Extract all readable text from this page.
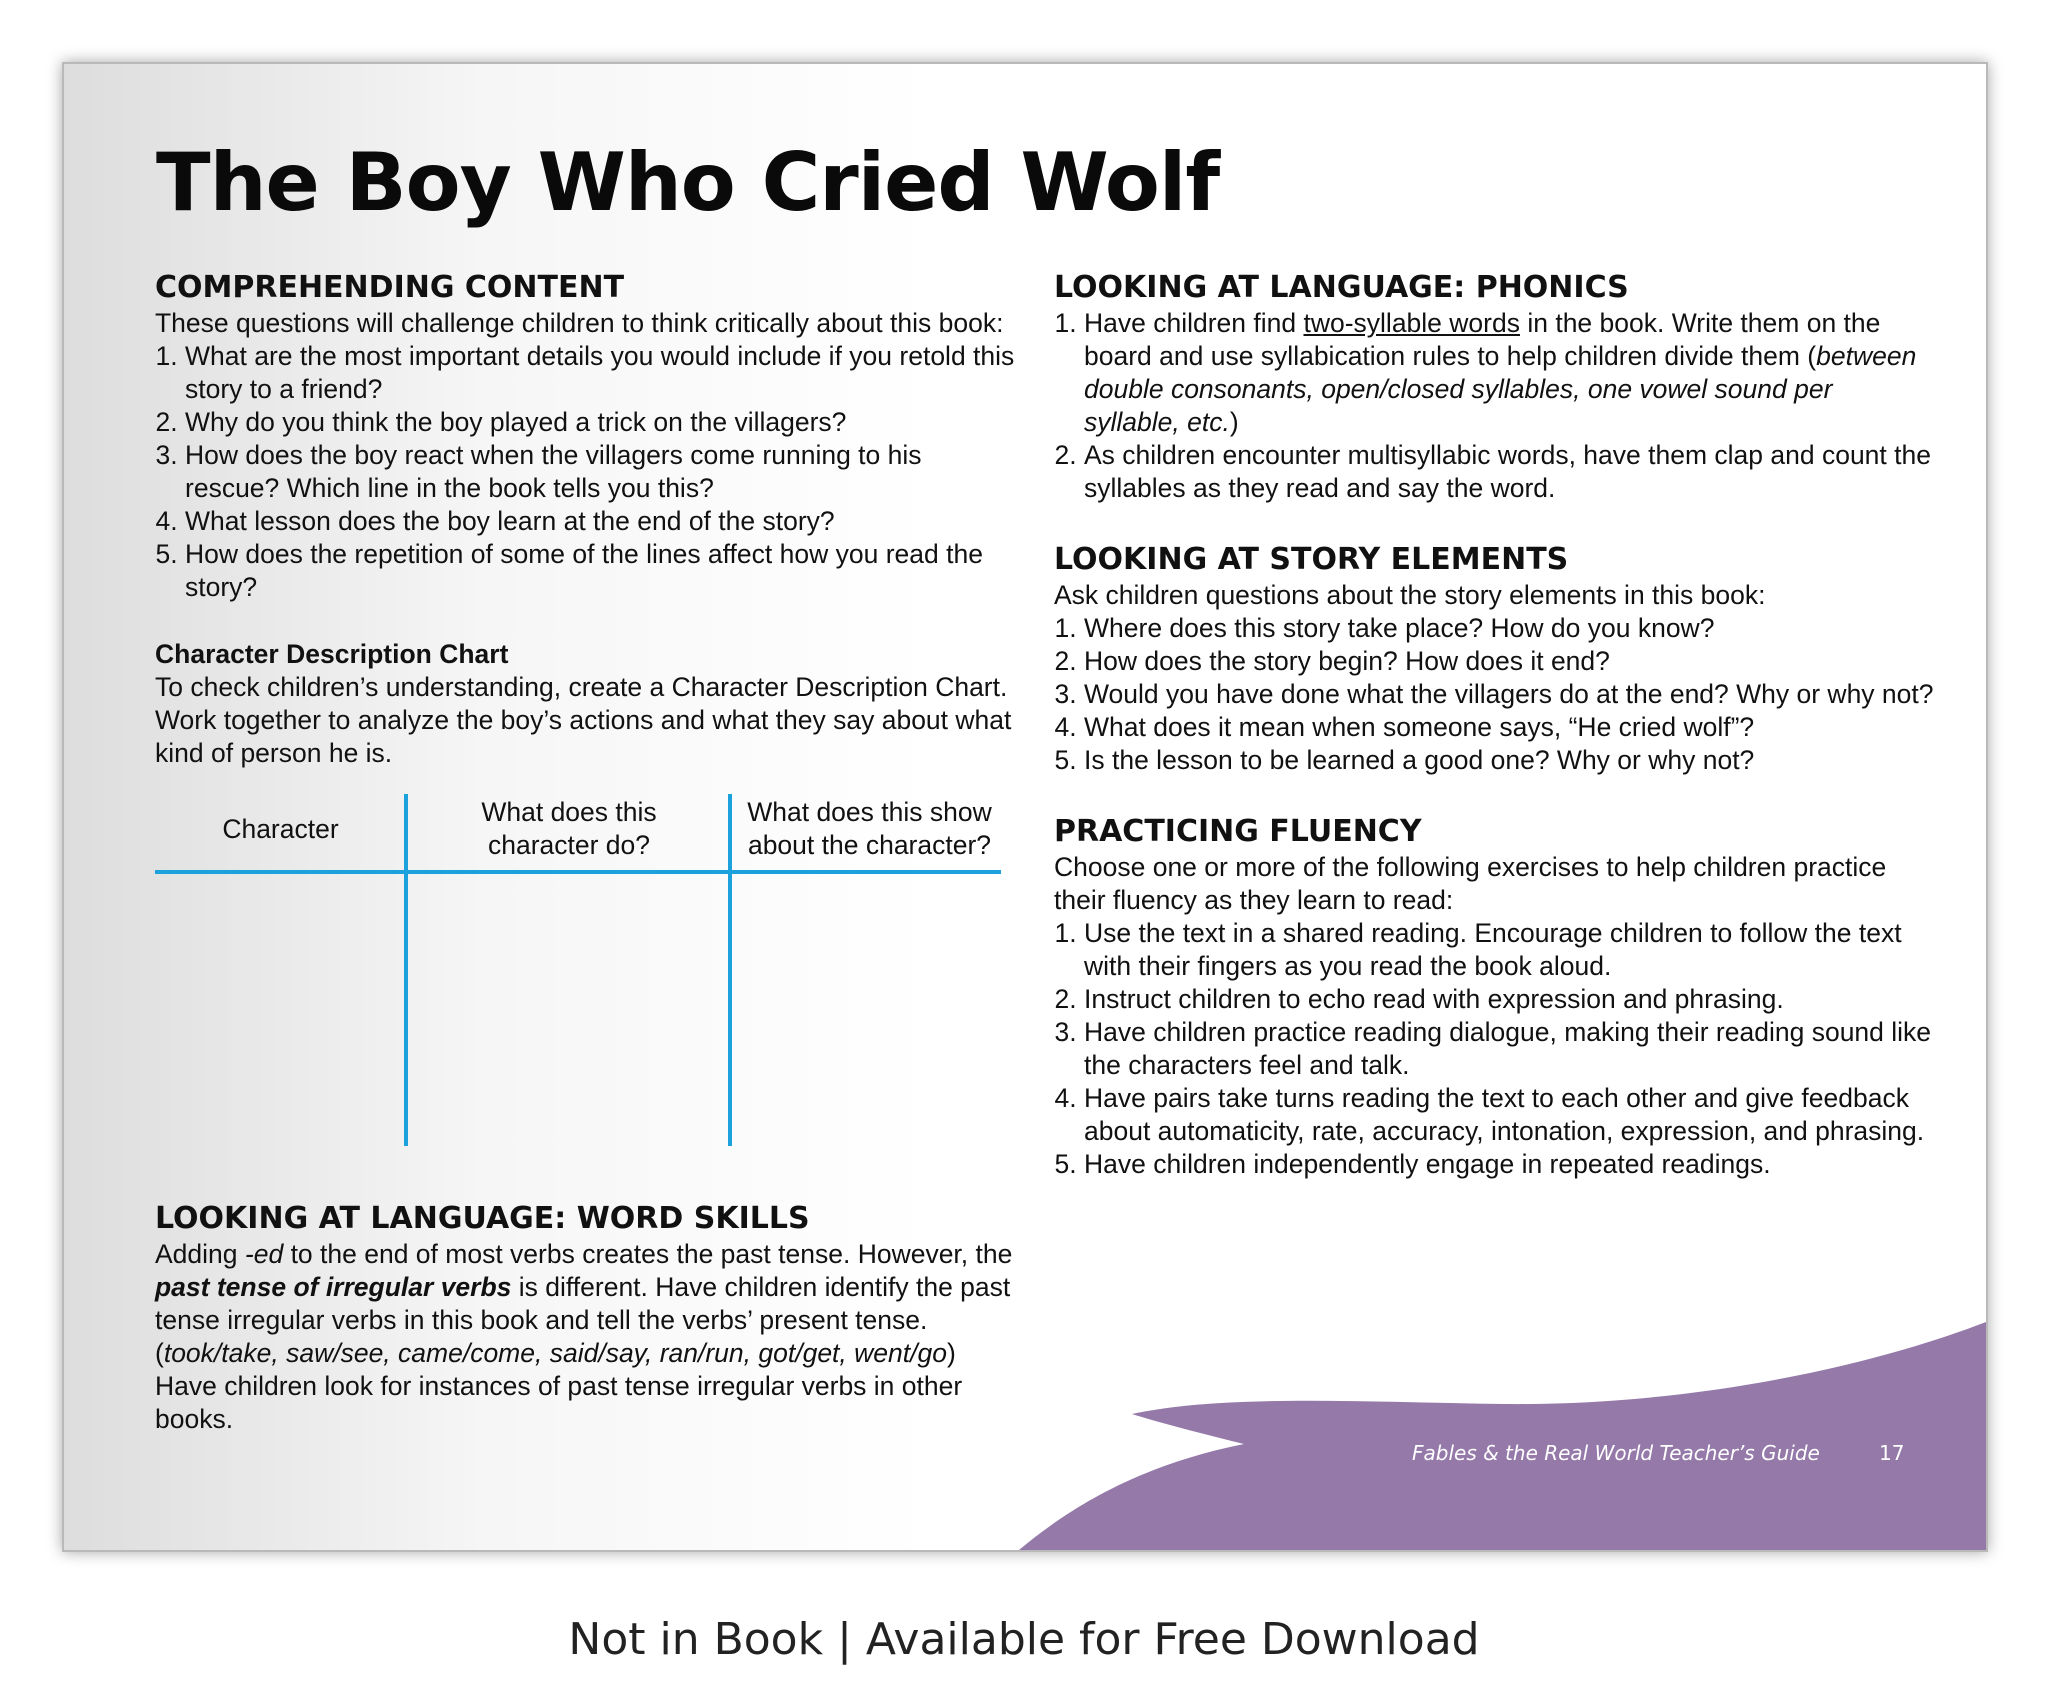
The Boy Who Cried Wolf
COMPREHENDING CONTENT

These questions will challenge children to think critically about this book:

1. What are the most important details you would include if you retold this story to a friend?
2. Why do you think the boy played a trick on the villagers?
3. How does the boy react when the villagers come running to his rescue? Which line in the book tells you this?
4. What lesson does the boy learn at the end of the story?
5. How does the repetition of some of the lines affect how you read the story?
Character Description Chart

To check children’s understanding, create a Character Description Chart. Work together to analyze the boy’s actions and what they say about what kind of person he is.

Character
What does this
character do?
What does this show
about the character?
LOOKING AT LANGUAGE: WORD SKILLS

Adding -ed to the end of most verbs creates the past tense. However, the past tense of irregular verbs is different. Have children identify the past tense irregular verbs in this book and tell the verbs’ present tense. (took/take, saw/see, came/come, said/say, ran/run, got/get, went/go) Have children look for instances of past tense irregular verbs in other books.

LOOKING AT LANGUAGE: PHONICS
1. Have children find two-syllable words in the book. Write them on the board and use syllabication rules to help children divide them (between double consonants, open/closed syllables, one vowel sound per syllable, etc.)
2. As children encounter multisyllabic words, have them clap and count the syllables as they read and say the word.
LOOKING AT STORY ELEMENTS

Ask children questions about the story elements in this book:

1. Where does this story take place? How do you know?
2. How does the story begin? How does it end?
3. Would you have done what the villagers do at the end? Why or why not?
4. What does it mean when someone says, “He cried wolf”?
5. Is the lesson to be learned a good one? Why or why not?
PRACTICING FLUENCY

Choose one or more of the following exercises to help children practice their fluency as they learn to read:

1. Use the text in a shared reading. Encourage children to follow the text with their fingers as you read the book aloud.
2. Instruct children to echo read with expression and phrasing.
3. Have children practice reading dialogue, making their reading sound like the characters feel and talk.
4. Have pairs take turns reading the text to each other and give feedback about automaticity, rate, accuracy, intonation, expression, and phrasing.
5. Have children independently engage in repeated readings.
Fables & the Real World Teacher’s Guide	17
Not in Book | Available for Free Download
